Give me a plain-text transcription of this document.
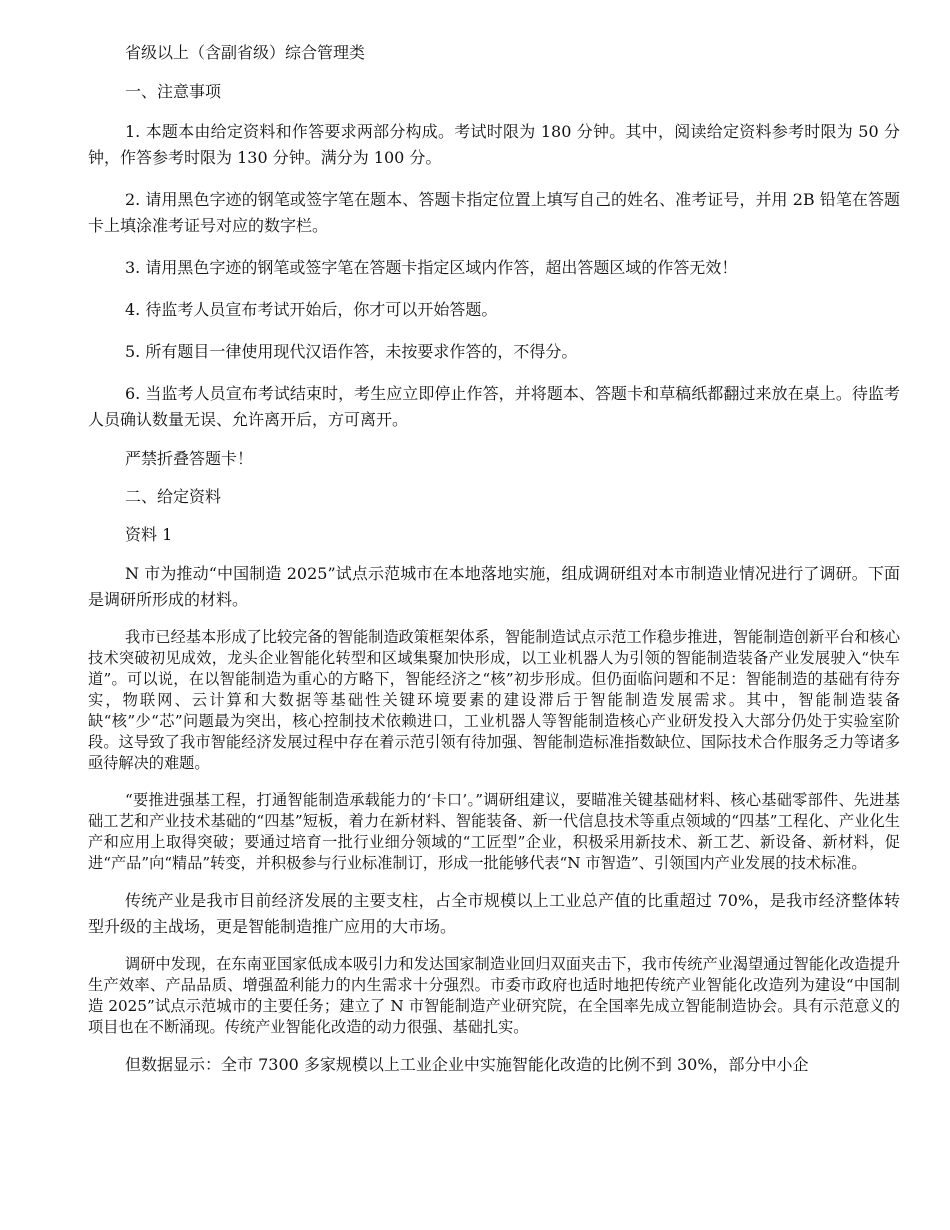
省级以上（含副省级）综合管理类

一、注意事项

1. 本题本由给定资料和作答要求两部分构成。考试时限为 180 分钟。其中，阅读给定资料参考时限为 50 分钟，作答参考时限为 130 分钟。满分为 100 分。

2. 请用黑色字迹的钢笔或签字笔在题本、答题卡指定位置上填写自己的姓名、准考证号，并用 2B 铅笔在答题卡上填涂准考证号对应的数字栏。

3. 请用黑色字迹的钢笔或签字笔在答题卡指定区域内作答，超出答题区域的作答无效！

4. 待监考人员宣布考试开始后，你才可以开始答题。

5. 所有题目一律使用现代汉语作答，未按要求作答的，不得分。

6. 当监考人员宣布考试结束时，考生应立即停止作答，并将题本、答题卡和草稿纸都翻过来放在桌上。待监考人员确认数量无误、允许离开后，方可离开。

严禁折叠答题卡！

二、给定资料

资料 1

N 市为推动“中国制造 2025”试点示范城市在本地落地实施，组成调研组对本市制造业情况进行了调研。下面是调研所形成的材料。

我市已经基本形成了比较完备的智能制造政策框架体系，智能制造试点示范工作稳步推进，智能制造创新平台和核心技术突破初见成效，龙头企业智能化转型和区域集聚加快形成，以工业机器人为引领的智能制造装备产业发展驶入“快车道”。可以说，在以智能制造为重心的方略下，智能经济之“核”初步形成。但仍面临问题和不足：智能制造的基础有待夯实，物联网、云计算和大数据等基础性关键环境要素的建设滞后于智能制造发展需求。其中，智能制造装备缺“核”少“芯”问题最为突出，核心控制技术依赖进口，工业机器人等智能制造核心产业研发投入大部分仍处于实验室阶段。这导致了我市智能经济发展过程中存在着示范引领有待加强、智能制造标准指数缺位、国际技术合作服务乏力等诸多亟待解决的难题。

“要推进强基工程，打通智能制造承载能力的‘卡口’。”调研组建议，要瞄准关键基础材料、核心基础零部件、先进基础工艺和产业技术基础的“四基”短板，着力在新材料、智能装备、新一代信息技术等重点领域的“四基”工程化、产业化生产和应用上取得突破；要通过培育一批行业细分领域的“工匠型”企业，积极采用新技术、新工艺、新设备、新材料，促进“产品”向“精品”转变，并积极参与行业标准制订，形成一批能够代表“N 市智造”、引领国内产业发展的技术标准。

传统产业是我市目前经济发展的主要支柱，占全市规模以上工业总产值的比重超过 70%，是我市经济整体转型升级的主战场，更是智能制造推广应用的大市场。

调研中发现，在东南亚国家低成本吸引力和发达国家制造业回归双面夹击下，我市传统产业渴望通过智能化改造提升生产效率、产品品质、增强盈利能力的内生需求十分强烈。市委市政府也适时地把传统产业智能化改造列为建设“中国制造 2025”试点示范城市的主要任务；建立了 N 市智能制造产业研究院，在全国率先成立智能制造协会。具有示范意义的项目也在不断涌现。传统产业智能化改造的动力很强、基础扎实。

但数据显示：全市 7300 多家规模以上工业企业中实施智能化改造的比例不到 30%，部分中小企
